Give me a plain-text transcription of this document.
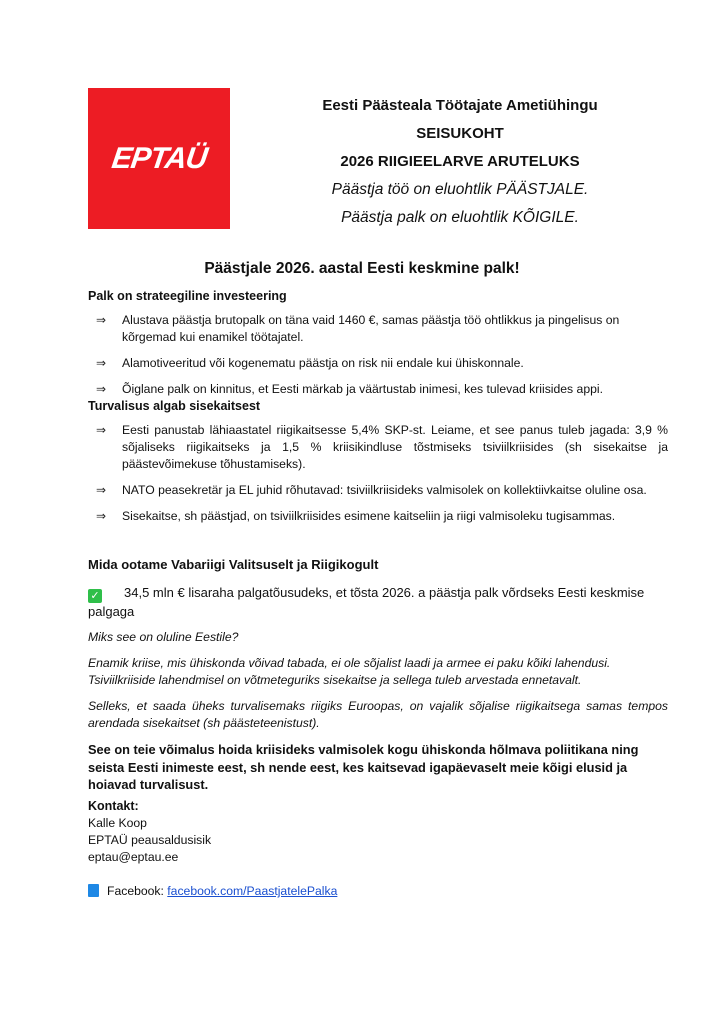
EPTAÜ
Eesti Päästeala Töötajate Ametiühingu
SEISUKOHT
2026 RIIGIEELARVE ARUTELUKS
Päästja töö on eluohtlik PÄÄSTJALE.
Päästja palk on eluohtlik KÕIGILE.
Päästjale 2026. aastal Eesti keskmine palk!
Palk on strateegiline investeering
⇒	Alustava päästja brutopalk on täna vaid 1460 €, samas päästja töö ohtlikkus ja pingelisus on kõrgemad kui enamikel töötajatel.
⇒	Alamotiveeritud või kogenematu päästja on risk nii endale kui ühiskonnale.
⇒	Õiglane palk on kinnitus, et Eesti märkab ja väärtustab inimesi, kes tulevad kriisides appi.
Turvalisus algab sisekaitsest
⇒	Eesti panustab lähiaastatel riigikaitsesse 5,4% SKP-st. Leiame, et see panus tuleb jagada: 3,9 % sõjaliseks riigikaitseks ja 1,5 % kriisikindluse tõstmiseks tsiviilkriisides (sh sisekaitse ja päästevõimekuse tõhustamiseks).
⇒	NATO peasekretär ja EL juhid rõhutavad: tsiviilkriisideks valmisolek on kollektiivkaitse oluline osa.
⇒	Sisekaitse, sh päästjad, on tsiviilkriisides esimene kaitseliin ja riigi valmisoleku tugisammas.
Mida ootame Vabariigi Valitsuselt ja Riigikogult
✓ 34,5 mln € lisaraha palgatõusudeks, et tõsta 2026. a päästja palk võrdseks Eesti keskmise palgaga
Miks see on oluline Eestile?
Enamik kriise, mis ühiskonda võivad tabada, ei ole sõjalist laadi ja armee ei paku kõiki lahendusi. Tsiviilkriiside lahendmisel on võtmeteguriks sisekaitse ja sellega tuleb arvestada ennetavalt.
Selleks, et saada üheks turvalisemaks riigiks Euroopas, on vajalik sõjalise riigikaitsega samas tempos arendada sisekaitset (sh päästeteenistust).
See on teie võimalus hoida kriisideks valmisolek kogu ühiskonda hõlmava poliitikana ning seista Eesti inimeste eest, sh nende eest, kes kaitsevad igapäevaselt meie kõigi elusid ja hoiavad turvalisust.
Kontakt:
Kalle Koop
EPTAÜ peausaldusisik
eptau@eptau.ee
Facebook: facebook.com/PaastjatelePalka
